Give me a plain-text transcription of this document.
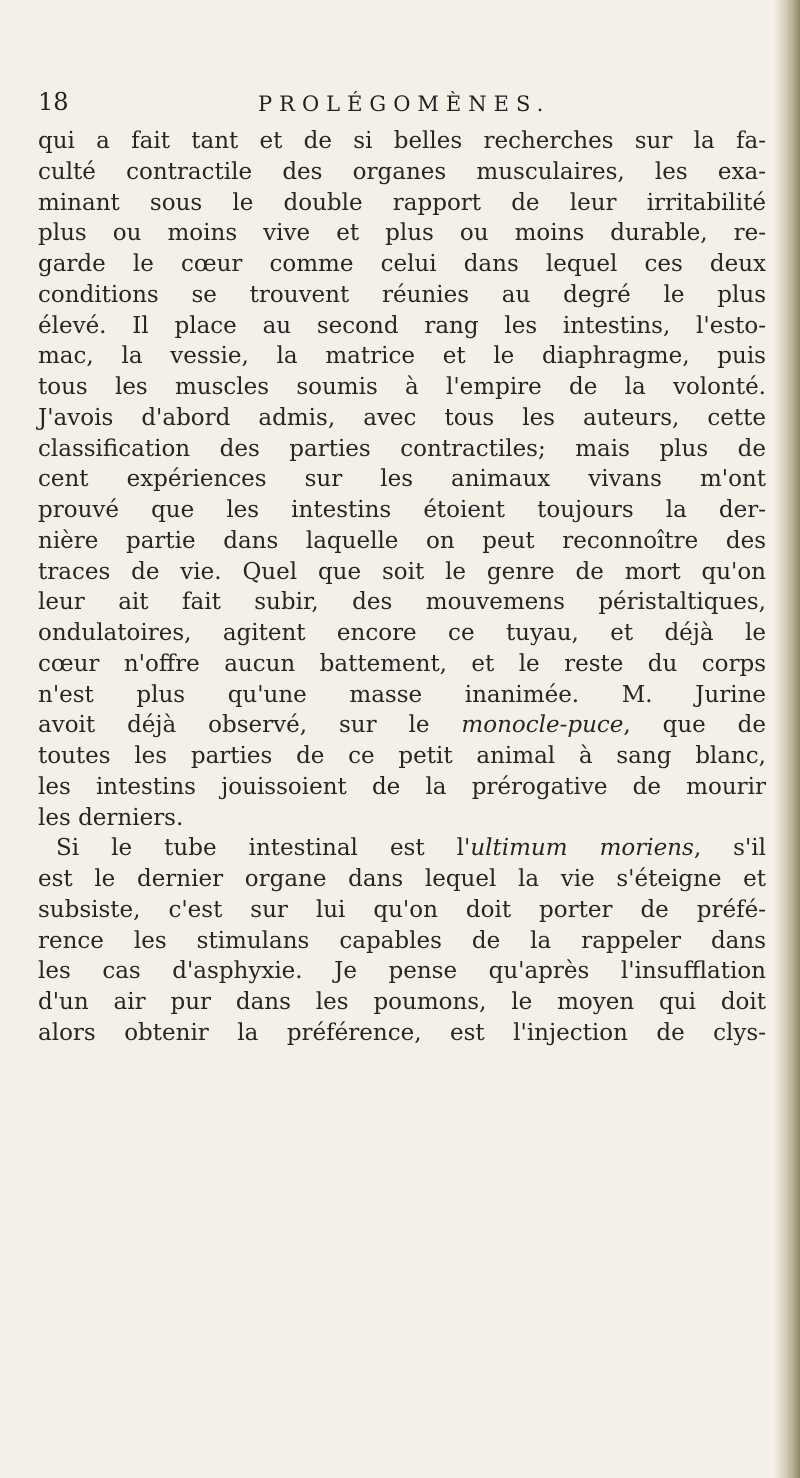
18	PROLÉGOMÈNES.
qui a fait tant et de si belles recherches sur la fa-
culté contractile des organes musculaires, les exa-
minant sous le double rapport de leur irritabilité
plus ou moins vive et plus ou moins durable, re-
garde le cœur comme celui dans lequel ces deux
conditions se trouvent réunies au degré le plus
élevé. Il place au second rang les intestins, l'esto-
mac, la vessie, la matrice et le diaphragme, puis
tous les muscles soumis à l'empire de la volonté.
J'avois d'abord admis, avec tous les auteurs, cette
classification des parties contractiles; mais plus de
cent expériences sur les animaux vivans m'ont
prouvé que les intestins étoient toujours la der-
nière partie dans laquelle on peut reconnoître des
traces de vie. Quel que soit le genre de mort qu'on
leur ait fait subir, des mouvemens péristaltiques,
ondulatoires, agitent encore ce tuyau, et déjà le
cœur n'offre aucun battement, et le reste du corps
n'est plus qu'une masse inanimée. M. Jurine
avoit déjà observé, sur le monocle-puce, que de
toutes les parties de ce petit animal à sang blanc,
les intestins jouissoient de la prérogative de mourir
les derniers.
Si le tube intestinal est l'ultimum moriens, s'il
est le dernier organe dans lequel la vie s'éteigne et
subsiste, c'est sur lui qu'on doit porter de préfé-
rence les stimulans capables de la rappeler dans
les cas d'asphyxie. Je pense qu'après l'insufflation
d'un air pur dans les poumons, le moyen qui doit
alors obtenir la préférence, est l'injection de clys-
